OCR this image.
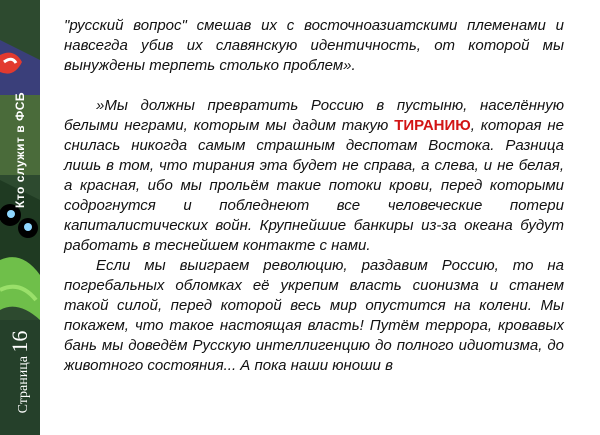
Кто служит в ФСБ
Страница 16

"русский вопрос" смешав их с восточноазиатскими племенами и навсегда убив их славянскую идентичность, от которой мы вынуждены терпеть столько проблем».

»Мы должны превратить Россию в пустыню, населённую белыми неграми, которым мы дадим такую ТИРАНИЮ, которая не снилась никогда самым страшным деспотам Востока. Разница лишь в том, что тирания эта будет не справа, а слева, и не белая, а красная, ибо мы прольём такие потоки крови, перед которыми содрогнутся и побледнеют все человеческие потери капиталистических войн. Крупнейшие банкиры из-за океана будут работать в теснейшем контакте с нами.

Если мы выиграем революцию, раздавим Россию, то на погребальных обломках её укрепим власть сионизма и станем такой силой, перед которой весь мир опустится на колени. Мы покажем, что такое настоящая власть! Путём террора, кровавых бань мы доведём Русскую интеллигенцию до полного идиотизма, до животного состояния... А пока наши юноши в
